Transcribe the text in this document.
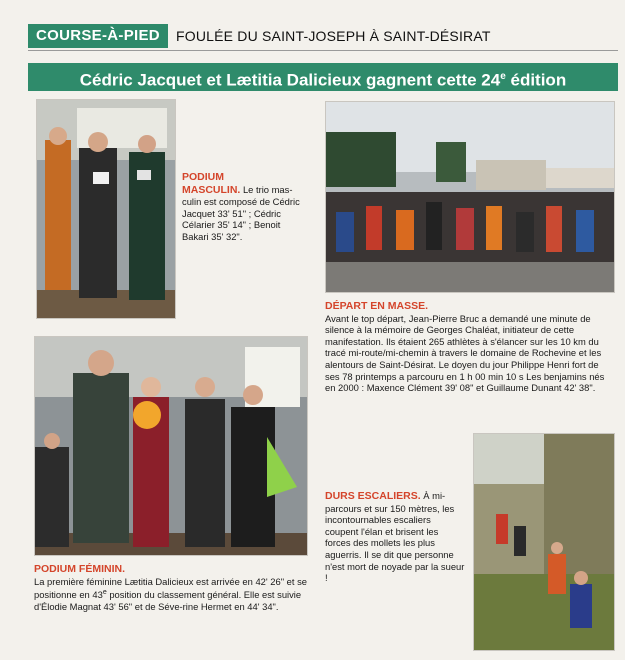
COURSE-À-PIED	FOULÉE DU SAINT-JOSEPH À SAINT-DÉSIRAT
Cédric Jacquet et Lætitia Dalicieux gagnent cette 24e édition
PODIUM
MASCULIN. Le trio mas-culin est composé de Cédric Jacquet 33' 51" ; Cédric Célarier 35' 14" ; Benoit Bakari 35' 32".
DÉPART EN MASSE.
Avant le top départ, Jean-Pierre Bruc a demandé une minute de silence à la mémoire de Georges Chaléat, initiateur de cette manifestation. Ils étaient 265 athlètes à s'élancer sur les 10 km du tracé mi-route/mi-chemin à travers le domaine de Rochevine et les alentours de Saint-Désirat. Le doyen du jour Philippe Henri fort de ses 78 printemps a parcouru en 1 h 00 min 10 s Les benjamins nés en 2000 : Maxence Clément 39' 08" et Guillaume Dunant 42' 38".
DURS ESCALIERS. À mi-parcours et sur 150 mètres, les incontournables escaliers coupent l'élan et brisent les forces des mollets les plus aguerris. Il se dit que personne n'est mort de noyade par la sueur !
PODIUM FÉMININ.
La première féminine Lætitia Dalicieux est arrivée en 42' 26" et se positionne en 43e position du classement général. Elle est suivie d'Élodie Magnat 43' 56" et de Séve-rine Hermet en 44' 34".
